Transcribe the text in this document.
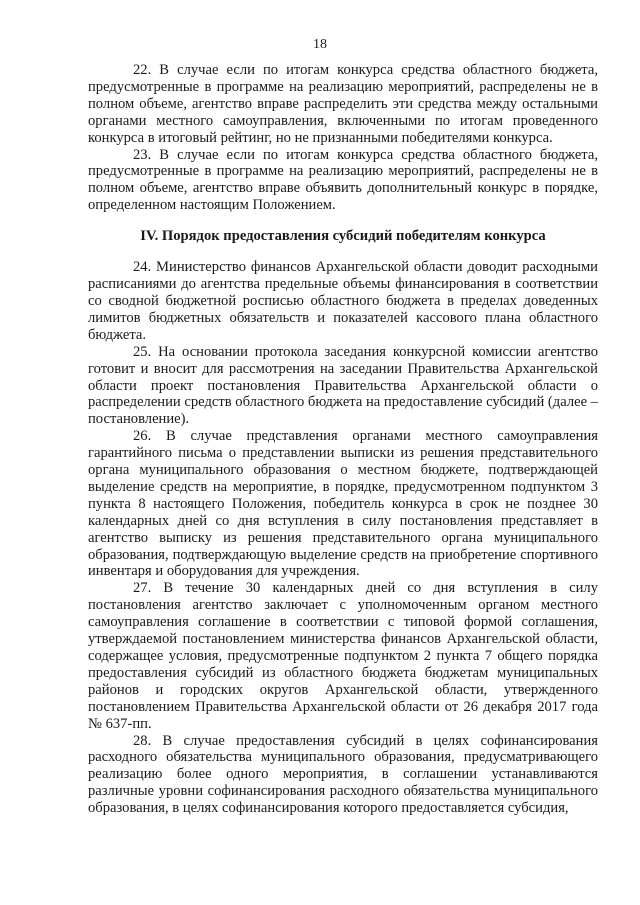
18

22. В случае если по итогам конкурса средства областного бюджета, предусмотренные в программе на реализацию мероприятий, распределены не в полном объеме, агентство вправе распределить эти средства между остальными органами местного самоуправления, включенными по итогам проведенного конкурса в итоговый рейтинг, но не признанными победителями конкурса.

23. В случае если по итогам конкурса средства областного бюджета, предусмотренные в программе на реализацию мероприятий, распределены не в полном объеме, агентство вправе объявить дополнительный конкурс в порядке, определенном настоящим Положением.

IV. Порядок предоставления субсидий победителям конкурса

24. Министерство финансов Архангельской области доводит расходными расписаниями до агентства предельные объемы финансирования в соответствии со сводной бюджетной росписью областного бюджета в пределах доведенных лимитов бюджетных обязательств и показателей кассового плана областного бюджета.

25. На основании протокола заседания конкурсной комиссии агентство готовит и вносит для рассмотрения на заседании Правительства Архангельской области проект постановления Правительства Архангельской области о распределении средств областного бюджета на предоставление субсидий (далее – постановление).

26. В случае представления органами местного самоуправления гарантийного письма о представлении выписки из решения представительного органа муниципального образования о местном бюджете, подтверждающей выделение средств на мероприятие, в порядке, предусмотренном подпунктом 3 пункта 8 настоящего Положения, победитель конкурса в срок не позднее 30 календарных дней со дня вступления в силу постановления представляет в агентство выписку из решения представительного органа муниципального образования, подтверждающую выделение средств на приобретение спортивного инвентаря и оборудования для учреждения.

27. В течение 30 календарных дней со дня вступления в силу постановления агентство заключает с уполномоченным органом местного самоуправления соглашение в соответствии с типовой формой соглашения, утверждаемой постановлением министерства финансов Архангельской области, содержащее условия, предусмотренные подпунктом 2 пункта 7 общего порядка предоставления субсидий из областного бюджета бюджетам муниципальных районов и городских округов Архангельской области, утвержденного постановлением Правительства Архангельской области от 26 декабря 2017 года № 637-пп.

28. В случае предоставления субсидий в целях софинансирования расходного обязательства муниципального образования, предусматривающего реализацию более одного мероприятия, в соглашении устанавливаются различные уровни софинансирования расходного обязательства муниципального образования, в целях софинансирования которого предоставляется субсидия,
